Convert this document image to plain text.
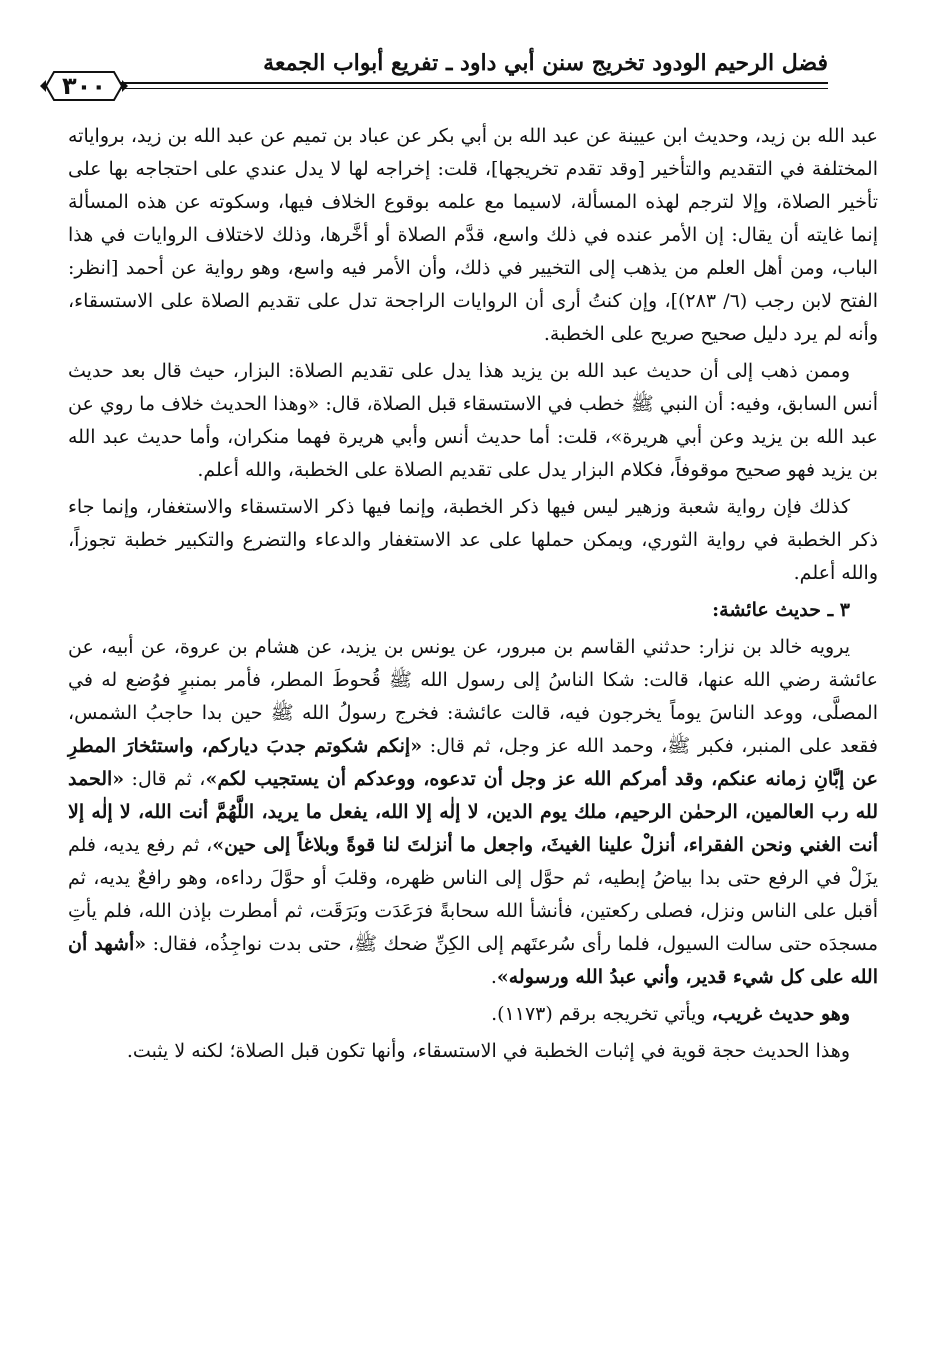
فضل الرحيم الودود تخريج سنن أبي داود ـ تفريع أبواب الجمعة
٣٠٠

عبد الله بن زيد، وحديث ابن عيينة عن عبد الله بن أبي بكر عن عباد بن تميم عن عبد الله بن زيد، برواياته المختلفة في التقديم والتأخير [وقد تقدم تخريجها]، قلت: إخراجه لها لا يدل عندي على احتجاجه بها على تأخير الصلاة، وإلا لترجم لهذه المسألة، لاسيما مع علمه بوقوع الخلاف فيها، وسكوته عن هذه المسألة إنما غايته أن يقال: إن الأمر عنده في ذلك واسع، قدَّم الصلاة أو أخَّرها، وذلك لاختلاف الروايات في هذا الباب، ومن أهل العلم من يذهب إلى التخيير في ذلك، وأن الأمر فيه واسع، وهو رواية عن أحمد [انظر: الفتح لابن رجب (٦/ ٢٨٣)]، وإن كنتُ أرى أن الروايات الراجحة تدل على تقديم الصلاة على الاستسقاء، وأنه لم يرد دليل صحيح صريح على الخطبة.

وممن ذهب إلى أن حديث عبد الله بن يزيد هذا يدل على تقديم الصلاة: البزار، حيث قال بعد حديث أنس السابق، وفيه: أن النبي ﷺ خطب في الاستسقاء قبل الصلاة، قال: «وهذا الحديث خلاف ما روي عن عبد الله بن يزيد وعن أبي هريرة»، قلت: أما حديث أنس وأبي هريرة فهما منكران، وأما حديث عبد الله بن يزيد فهو صحيح موقوفاً، فكلام البزار يدل على تقديم الصلاة على الخطبة، والله أعلم.

كذلك فإن رواية شعبة وزهير ليس فيها ذكر الخطبة، وإنما فيها ذكر الاستسقاء والاستغفار، وإنما جاء ذكر الخطبة في رواية الثوري، ويمكن حملها على عد الاستغفار والدعاء والتضرع والتكبير خطبة تجوزاً، والله أعلم.

٣ ـ حديث عائشة:

يرويه خالد بن نزار: حدثني القاسم بن مبرور، عن يونس بن يزيد، عن هشام بن عروة، عن أبيه، عن عائشة رضي الله عنها، قالت: شكا الناسُ إلى رسول الله ﷺ قُحوطَ المطر، فأمر بمنبرٍ فوُضع له في المصلَّى، ووعد الناسَ يوماً يخرجون فيه، قالت عائشة: فخرج رسولُ الله ﷺ حين بدا حاجبُ الشمس، فقعد على المنبر، فكبر ﷺ، وحمد الله عز وجل، ثم قال: «إنكم شكوتم جدبَ دياركم، واستئخارَ المطرِ عن إبَّانِ زمانه عنكم، وقد أمركم الله عز وجل أن تدعوه، ووعدكم أن يستجيب لكم»، ثم قال: «الحمد لله رب العالمين، الرحمٰن الرحيم، ملك يوم الدين، لا إلٰه إلا الله، يفعل ما يريد، اللَّهُمَّ أنت الله، لا إلٰه إلا أنت الغني ونحن الفقراء، أنزلْ علينا الغيثَ، واجعل ما أنزلتَ لنا قوةً وبلاغاً إلى حين»، ثم رفع يديه، فلم يزَلْ في الرفع حتى بدا بياضُ إبطيه، ثم حوَّل إلى الناس ظهره، وقلبَ أو حوَّلَ رداءه، وهو رافعٌ يديه، ثم أقبل على الناس ونزل، فصلى ركعتين، فأنشأ الله سحابةً فرَعَدَت وبَرَقَت، ثم أمطرت بإذن الله، فلم يأتِ مسجدَه حتى سالت السيول، فلما رأى سُرعتَهم إلى الكِنِّ ضحك ﷺ، حتى بدت نواجِذُه، فقال: «أشهد أن الله على كل شيء قدير، وأني عبدُ الله ورسوله».

وهو حديث غريب، ويأتي تخريجه برقم (١١٧٣).

وهذا الحديث حجة قوية في إثبات الخطبة في الاستسقاء، وأنها تكون قبل الصلاة؛ لكنه لا يثبت.
